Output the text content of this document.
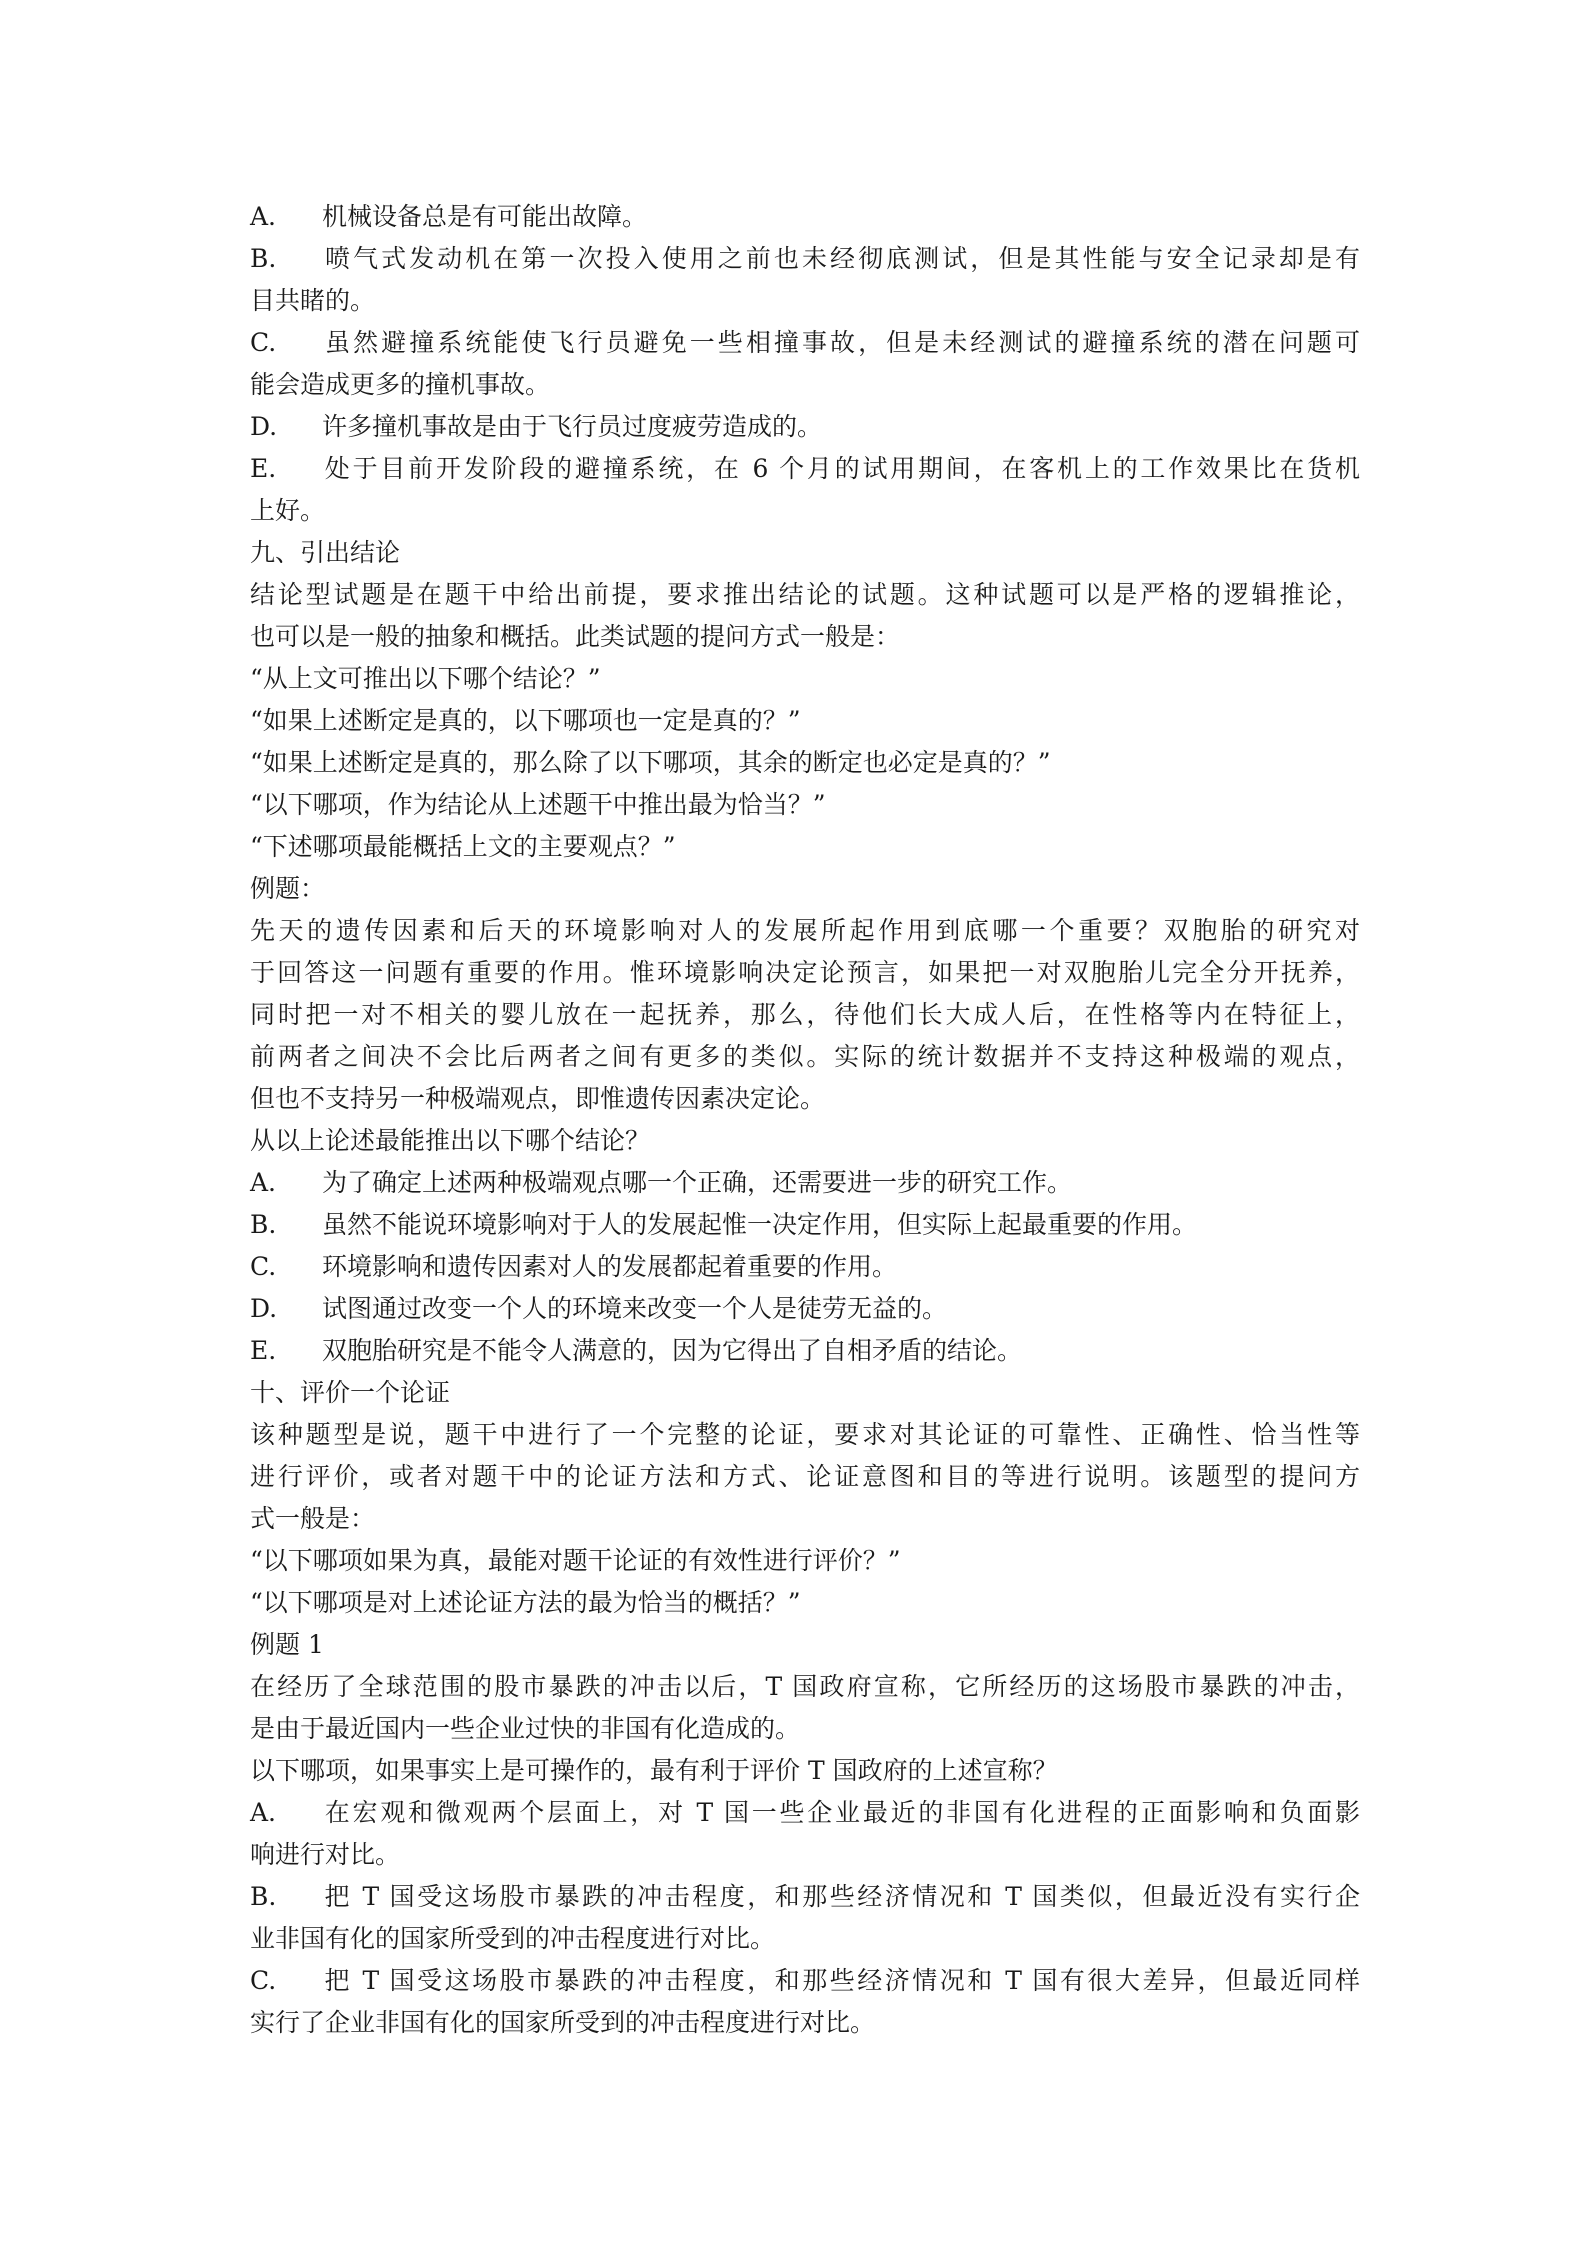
A. 机械设备总是有可能出故障。
B. 喷气式发动机在第一次投入使用之前也未经彻底测试，但是其性能与安全记录却是有
目共睹的。
C. 虽然避撞系统能使飞行员避免一些相撞事故，但是未经测试的避撞系统的潜在问题可
能会造成更多的撞机事故。
D. 许多撞机事故是由于飞行员过度疲劳造成的。
E. 处于目前开发阶段的避撞系统，在 6 个月的试用期间，在客机上的工作效果比在货机
上好。
九、引出结论
结论型试题是在题干中给出前提，要求推出结论的试题。这种试题可以是严格的逻辑推论，
也可以是一般的抽象和概括。此类试题的提问方式一般是：
“从上文可推出以下哪个结论？”
“如果上述断定是真的，以下哪项也一定是真的？”
“如果上述断定是真的，那么除了以下哪项，其余的断定也必定是真的？”
“以下哪项，作为结论从上述题干中推出最为恰当？”
“下述哪项最能概括上文的主要观点？”
例题：
先天的遗传因素和后天的环境影响对人的发展所起作用到底哪一个重要？双胞胎的研究对
于回答这一问题有重要的作用。惟环境影响决定论预言，如果把一对双胞胎儿完全分开抚养，
同时把一对不相关的婴儿放在一起抚养，那么，待他们长大成人后，在性格等内在特征上，
前两者之间决不会比后两者之间有更多的类似。实际的统计数据并不支持这种极端的观点，
但也不支持另一种极端观点，即惟遗传因素决定论。
从以上论述最能推出以下哪个结论？
A. 为了确定上述两种极端观点哪一个正确，还需要进一步的研究工作。
B. 虽然不能说环境影响对于人的发展起惟一决定作用，但实际上起最重要的作用。
C. 环境影响和遗传因素对人的发展都起着重要的作用。
D. 试图通过改变一个人的环境来改变一个人是徒劳无益的。
E. 双胞胎研究是不能令人满意的，因为它得出了自相矛盾的结论。
十、评价一个论证
该种题型是说，题干中进行了一个完整的论证，要求对其论证的可靠性、正确性、恰当性等
进行评价，或者对题干中的论证方法和方式、论证意图和目的等进行说明。该题型的提问方
式一般是：
“以下哪项如果为真，最能对题干论证的有效性进行评价？”
“以下哪项是对上述论证方法的最为恰当的概括？”
例题 1
在经历了全球范围的股市暴跌的冲击以后，T 国政府宣称，它所经历的这场股市暴跌的冲击，
是由于最近国内一些企业过快的非国有化造成的。
以下哪项，如果事实上是可操作的，最有利于评价 T 国政府的上述宣称？
A. 在宏观和微观两个层面上，对 T 国一些企业最近的非国有化进程的正面影响和负面影
响进行对比。
B. 把 T 国受这场股市暴跌的冲击程度，和那些经济情况和 T 国类似，但最近没有实行企
业非国有化的国家所受到的冲击程度进行对比。
C. 把 T 国受这场股市暴跌的冲击程度，和那些经济情况和 T 国有很大差异，但最近同样
实行了企业非国有化的国家所受到的冲击程度进行对比。
